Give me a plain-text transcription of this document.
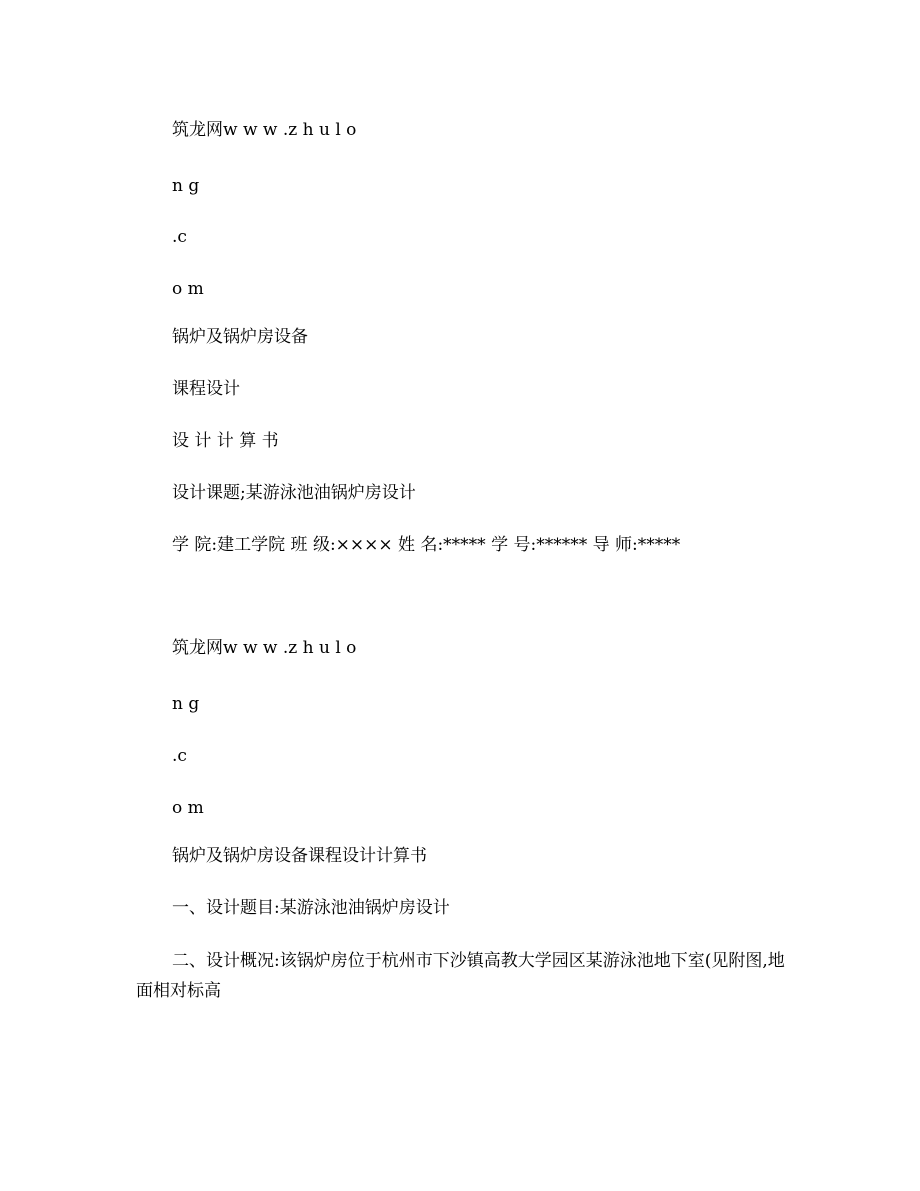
筑龙网w w w .z h u l o
n g
.c
o m
锅炉及锅炉房设备
课程设计
设 计 计 算 书
设计课题;某游泳池油锅炉房设计
学 院:建工学院 班 级:×××× 姓 名:***** 学 号:****** 导 师:*****
筑龙网w w w .z h u l o
n g
.c
o m
锅炉及锅炉房设备课程设计计算书
一、设计题目:某游泳池油锅炉房设计
二、设计概况:该锅炉房位于杭州市下沙镇高教大学园区某游泳池地下室(见附图,地面相对标高
